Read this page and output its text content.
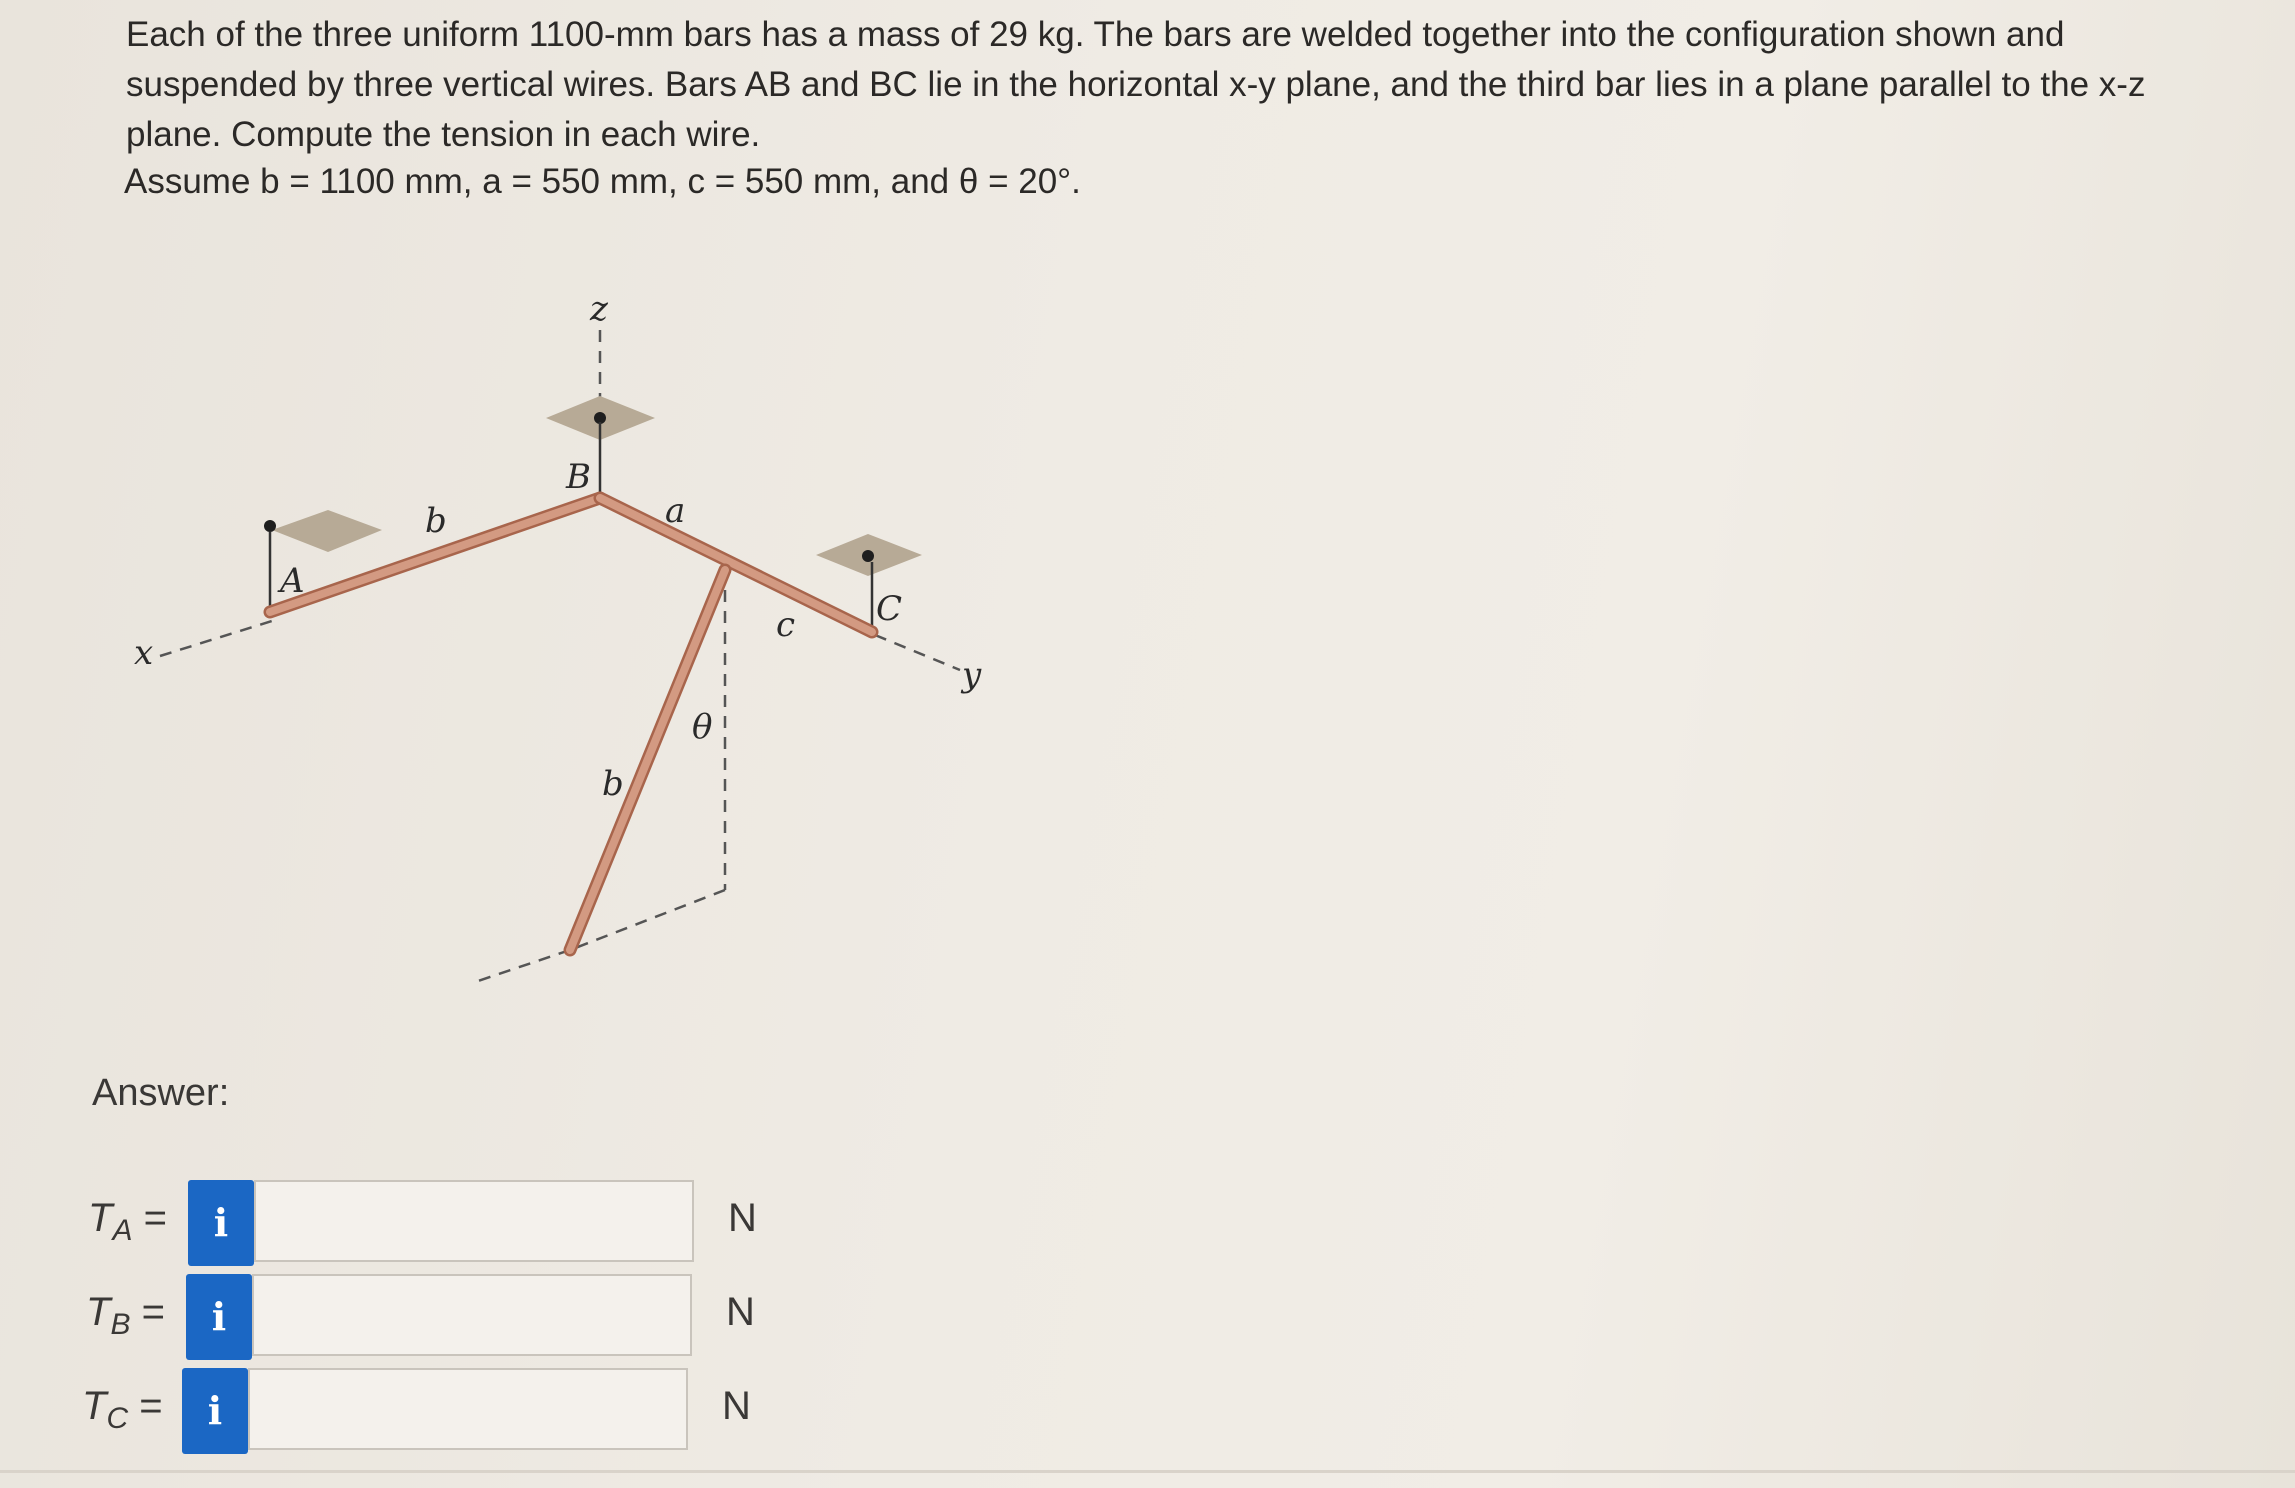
Each of the three uniform 1100-mm bars has a mass of 29 kg. The bars are welded together into the configuration shown and suspended by three vertical wires. Bars AB and BC lie in the horizontal x-y plane, and the third bar lies in a plane parallel to the x-z plane. Compute the tension in each wire.

Assume b = 1100 mm, a = 550 mm, c = 550 mm, and θ = 20°.
z
x
y
A
B
C
b	a
c
b
θ
Answer:
$T_A$ =	i	N
$T_B$ =	i	N
$T_C$ =	i	N
